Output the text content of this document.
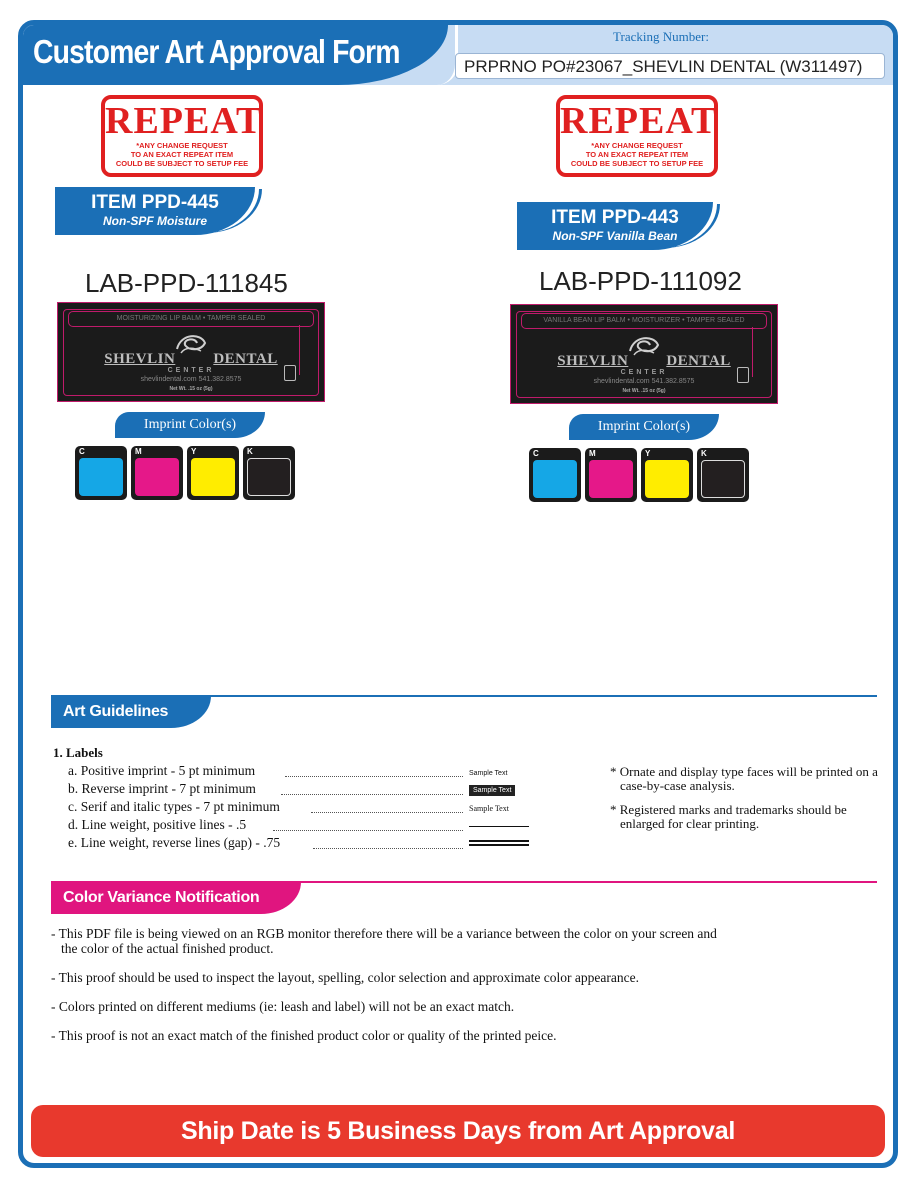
Customer Art Approval Form	Tracking Number:
PRPRNO PO#23067_SHEVLIN DENTAL (W311497)
REPEAT
*ANY CHANGE REQUEST
TO AN EXACT REPEAT ITEM
COULD BE SUBJECT TO SETUP FEE
ITEM PPD-445
Non-SPF Moisture
LAB-PPD-111845
MOISTURIZING LIP BALM • TAMPER SEALED
SHEVLIN	DENTAL
CENTER
shevlindental.com 541.382.8575
Net Wt. .15 oz (5g)
Imprint Color(s)
C	M	Y	K
REPEAT
*ANY CHANGE REQUEST
TO AN EXACT REPEAT ITEM
COULD BE SUBJECT TO SETUP FEE
ITEM PPD-443
Non-SPF Vanilla Bean
LAB-PPD-111092
VANILLA BEAN LIP BALM • MOISTURIZER • TAMPER SEALED
SHEVLIN	DENTAL
CENTER
shevlindental.com 541.382.8575
Net Wt. .15 oz (5g)
Imprint Color(s)
C	M	Y	K
Art Guidelines
1. Labels
a. Positive imprint - 5 pt minimum	Sample Text
b. Reverse imprint - 7 pt minimum	Sample Text
c. Serif and italic types - 7 pt minimum	Sample Text
d. Line weight, positive lines - .5
e. Line weight, reverse lines (gap) - .75

* Ornate and display type faces will be printed on a case-by-case analysis.

* Registered marks and trademarks should be enlarged for clear printing.

Color Variance Notification

- This PDF file is being viewed on an RGB monitor therefore there will be a variance between the color on your screen and the color of the actual finished product.

- This proof should be used to inspect the layout, spelling, color selection and approximate color appearance.

- Colors printed on different mediums (ie: leash and label) will not be an exact match.

- This proof is not an exact match of the finished product color or quality of the printed peice.

Ship Date is 5 Business Days from Art Approval
